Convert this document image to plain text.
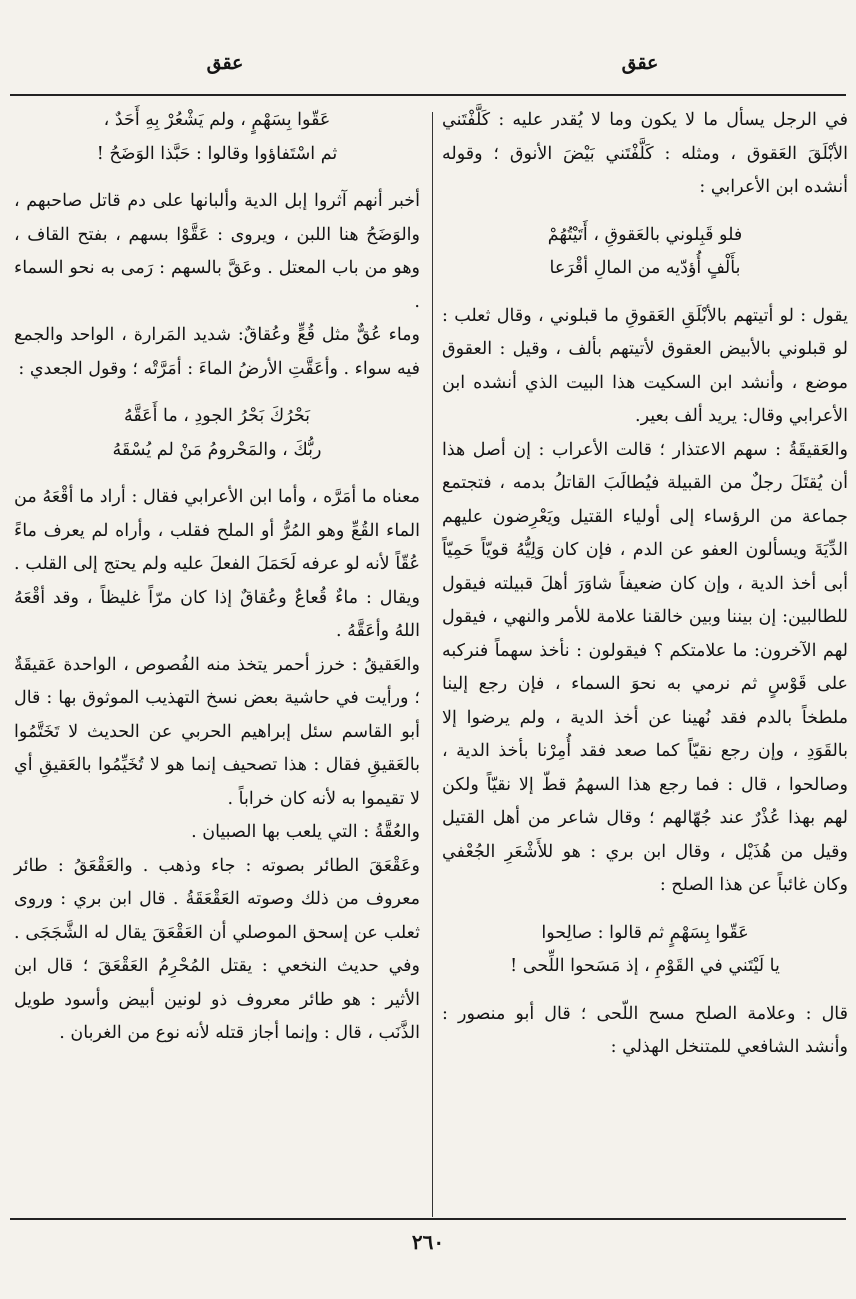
عقق
عقق

في الرجل يسأل ما لا يكون وما لا يُقدر عليه : كَلَّفْتَني الأبْلَقَ العَقوق ، ومثله : كَلَّفْتَني بَيْضَ الأنوق ؛ وقوله أنشده ابن الأعرابي :

فلو قَبِلوني بالعَقوقِ ، أَتَيْتُهُمْ

بأَلْفٍ أُؤدّيه من المالِ أقْرَعا

يقول : لو أتيتهم بالأبْلَقِ العَقوقِ ما قبلوني ، وقال ثعلب : لو قبلوني بالأبيض العقوق لأتيتهم بألف ، وقيل : العقوق موضع ، وأنشد ابن السكيت هذا البيت الذي أنشده ابن الأعرابي وقال: يريد ألف بعير.

والعَقيقَةُ : سهم الاعتذار ؛ قالت الأعراب : إن أصل هذا أن يُقتَلَ رجلٌ من القبيلة فيُطالَبَ القاتلُ بدمه ، فتجتمع جماعة من الرؤساء إلى أولياء القتيل ويَعْرِضون عليهم الدِّيَةَ ويسألون العفو عن الدم ، فإن كان وَلِيُّهُ قويّاً حَمِيّاً أبى أخذ الدية ، وإن كان ضعيفاً شاوَرَ أهلَ قبيلته فيقول للطالبين: إن بيننا وبين خالقنا علامة للأمر والنهي ، فيقول لهم الآخرون: ما علامتكم ؟ فيقولون : نأخذ سهماً فنركبه على قَوْسٍ ثم نرمي به نحوَ السماء ، فإن رجع إلينا ملطخاً بالدم فقد نُهينا عن أخذ الدية ، ولم يرضوا إلا بالقَوَدِ ، وإن رجع نقيّاً كما صعد فقد أُمِرْنا بأخذ الدية ، وصالحوا ، قال : فما رجع هذا السهمُ قطّ إلا نقيّاً ولكن لهم بهذا عُذْرٌ عند جُهّالهم ؛ وقال شاعر من أهل القتيل وقيل من هُذَيْل ، وقال ابن بري : هو للأَشْعَرِ الجُعْفي وكان غائباً عن هذا الصلح :

عَقّوا بِسَهْمٍ ثم قالوا : صالِحوا

يا لَيْتَني في القَوْمِ ، إذ مَسَحوا اللِّحى !

قال : وعلامة الصلح مسح اللّحى ؛ قال أبو منصور : وأنشد الشافعي للمتنخل الهذلي :

عَقّوا بِسَهْمٍ ، ولم يَشْعُرْ بِهِ أَحَدٌ ،

ثم اسْتَفاؤوا وقالوا : حَبَّذا الوَضَحُ !

أخبر أنهم آثروا إبل الدية وألبانها على دم قاتل صاحبهم ، والوَضَحُ هنا اللبن ، ويروى : عَقَّوْا بسهم ، بفتح القاف ، وهو من باب المعتل . وعَقَّ بالسهم : رَمى به نحو السماء .

وماء عُقٌّ مثل قُعٍّ وعُقاقٌ: شديد المَرارة ، الواحد والجمع فيه سواء . وأعَقَّتِ الأرضُ الماءَ : أمَرَّتْه ؛ وقول الجعدي :

بَحْرُكَ بَحْرُ الجودِ ، ما أَعَقَّهُ

ربُّكَ ، والمَحْرومُ مَنْ لم يُسْقَهُ

معناه ما أمَرَّه ، وأما ابن الأعرابي فقال : أراد ما أقْعَهُ من الماء القُعِّ وهو المُرُّ أو الملح فقلب ، وأراه لم يعرف ماءً عُقّاً لأنه لو عرفه لَحَمَلَ الفعلَ عليه ولم يحتج إلى القلب . ويقال : ماءٌ قُعاعٌ وعُقاقٌ إذا كان مرّاً غليظاً ، وقد أقْعَهُ اللهُ وأعَقَّهُ .

والعَقيقُ : خرز أحمر يتخذ منه الفُصوص ، الواحدة عَقيقَةٌ ؛ ورأيت في حاشية بعض نسخ التهذيب الموثوق بها : قال أبو القاسم سئل إبراهيم الحربي عن الحديث لا تَخَتَّمُوا بالعَقيقِ فقال : هذا تصحيف إنما هو لا تُخَيِّمُوا بالعَقيقِ أي لا تقيموا به لأنه كان خراباً .

والعُقَّةُ : التي يلعب بها الصبيان .

وعَقْعَقَ الطائر بصوته : جاء وذهب . والعَقْعَقُ : طائر معروف من ذلك وصوته العَقْعَقَةُ . قال ابن بري : وروى ثعلب عن إسحق الموصلي أن العَقْعَقَ يقال له الشَّجَجَى . وفي حديث النخعي : يقتل المُحْرِمُ العَقْعَقَ ؛ قال ابن الأثير : هو طائر معروف ذو لونين أبيض وأسود طويل الذَّنَب ، قال : وإنما أجاز قتله لأنه نوع من الغربان .

٢٦٠
